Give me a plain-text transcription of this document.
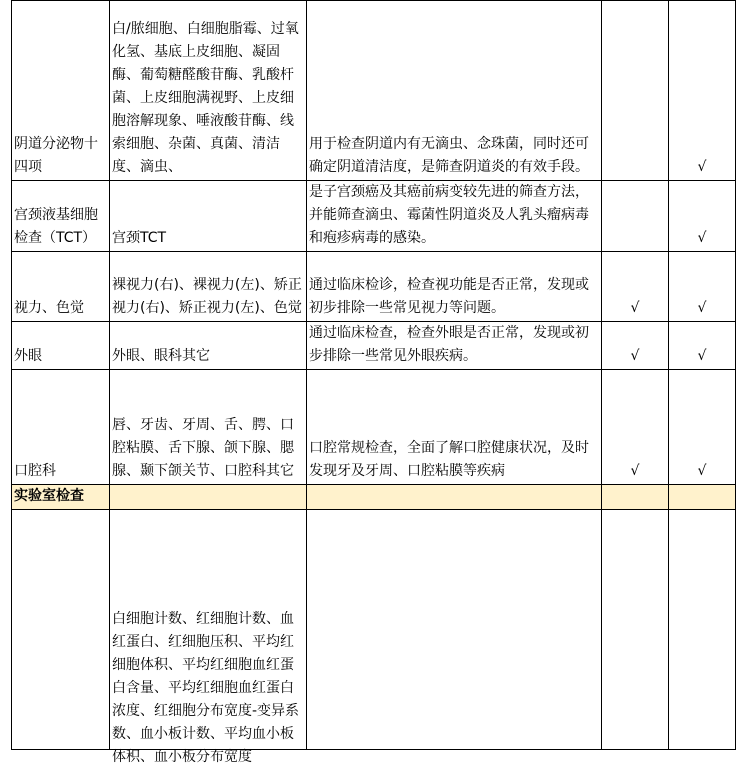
阴道分泌物十四项	白/脓细胞、白细胞脂霉、过氧化氢、基底上皮细胞、凝固酶、葡萄糖醛酸苷酶、乳酸杆菌、上皮细胞满视野、上皮细胞溶解现象、唾液酸苷酶、线索细胞、杂菌、真菌、清洁度、滴虫、	用于检查阴道内有无滴虫、念珠菌，同时还可确定阴道清洁度，是筛查阴道炎的有效手段。		√
宫颈液基细胞检查（TCT）	宫颈TCT	是子宫颈癌及其癌前病变较先进的筛查方法，并能筛查滴虫、霉菌性阴道炎及人乳头瘤病毒和疱疹病毒的感染。		√
视力、色觉	裸视力(右)、裸视力(左)、矫正视力(右)、矫正视力(左)、色觉	通过临床检诊，检查视功能是否正常，发现或初步排除一些常见视力等问题。	√	√
外眼	外眼、眼科其它	通过临床检查，检查外眼是否正常，发现或初步排除一些常见外眼疾病。	√	√
口腔科	唇、牙齿、牙周、舌、腭、口腔粘膜、舌下腺、颌下腺、腮腺、颞下颌关节、口腔科其它	口腔常规检查，全面了解口腔健康状况，及时发现牙及牙周、口腔粘膜等疾病	√	√
实验室检查				

	白细胞计数、红细胞计数、血红蛋白、红细胞压积、平均红细胞体积、平均红细胞血红蛋白含量、平均红细胞血红蛋白浓度、红细胞分布宽度-变异系数、血小板计数、平均血小板体积、血小板分布宽度			
